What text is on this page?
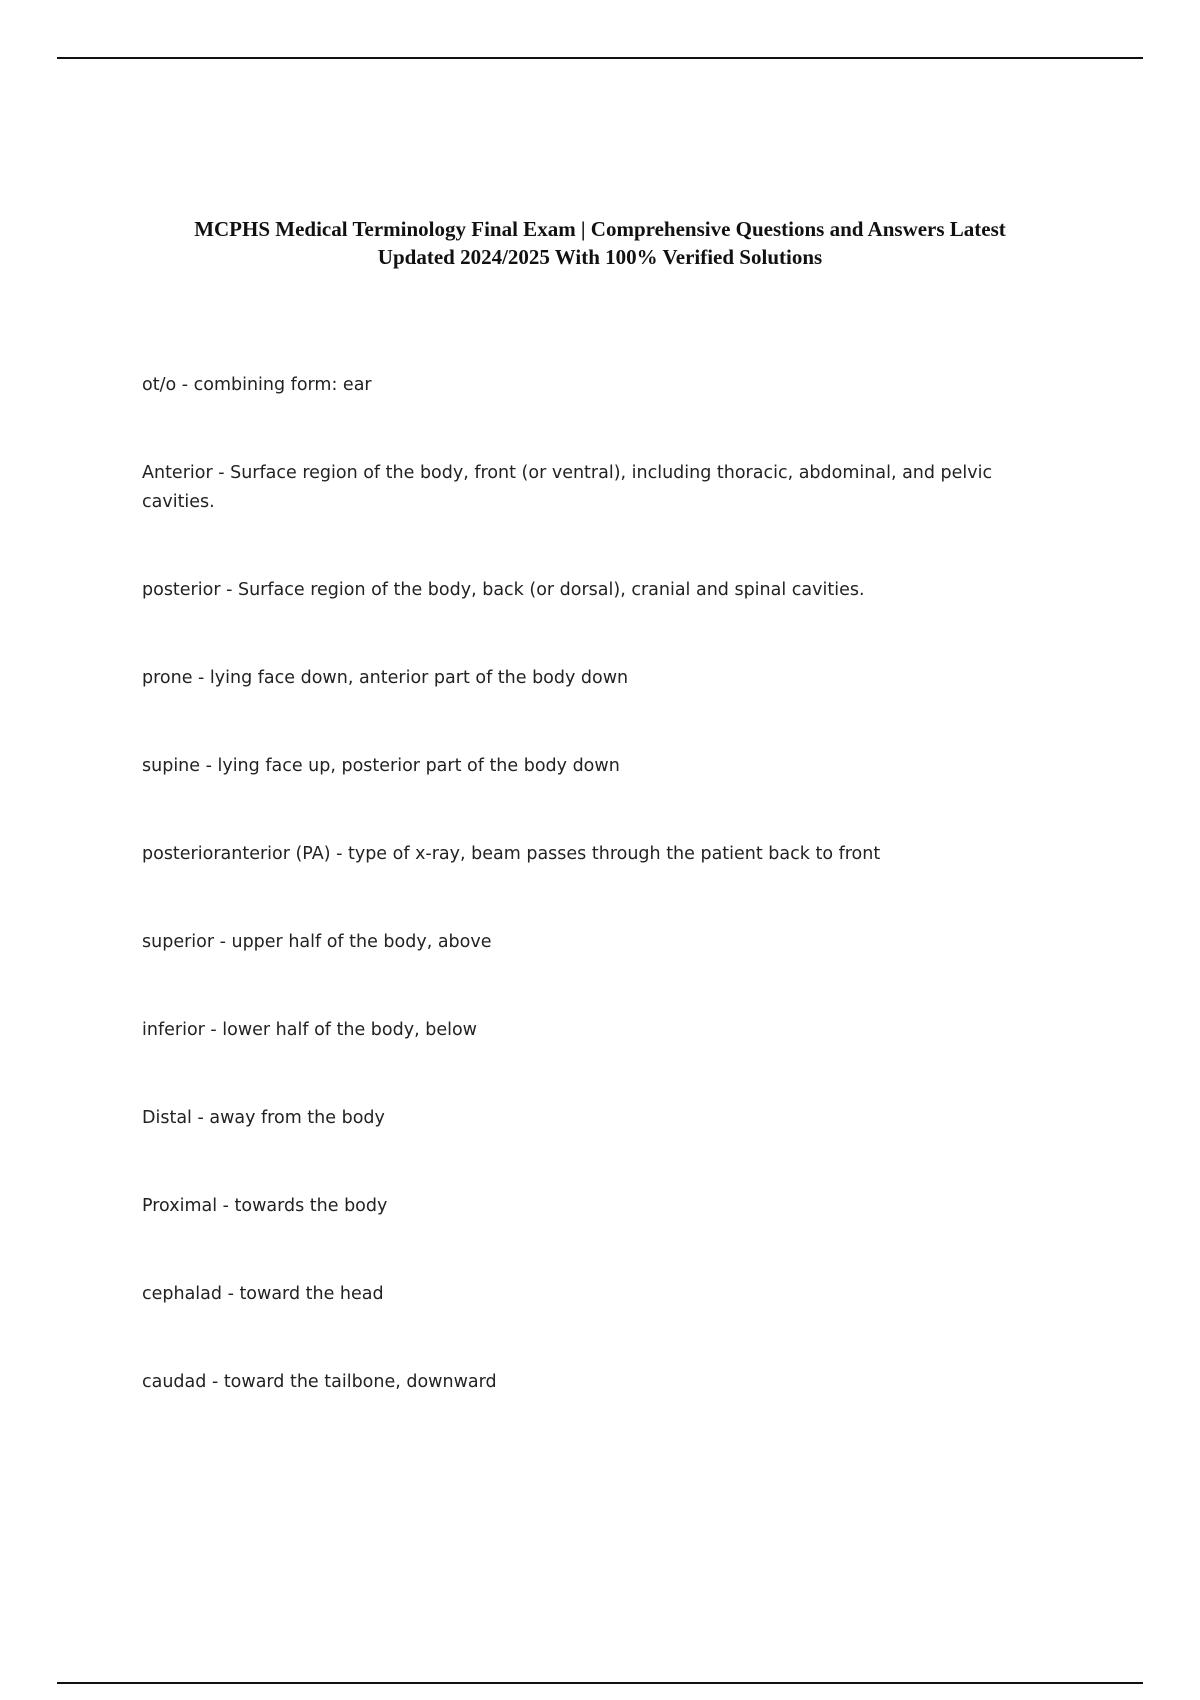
MCPHS Medical Terminology Final Exam | Comprehensive Questions and Answers Latest
Updated 2024/2025 With 100% Verified Solutions
ot/o - combining form: ear
Anterior - Surface region of the body, front (or ventral), including thoracic, abdominal, and pelvic cavities.
posterior - Surface region of the body, back (or dorsal), cranial and spinal cavities.
prone - lying face down, anterior part of the body down
supine - lying face up, posterior part of the body down
posterioranterior (PA) - type of x-ray, beam passes through the patient back to front
superior - upper half of the body, above
inferior - lower half of the body, below
Distal - away from the body
Proximal - towards the body
cephalad - toward the head
caudad - toward the tailbone, downward
